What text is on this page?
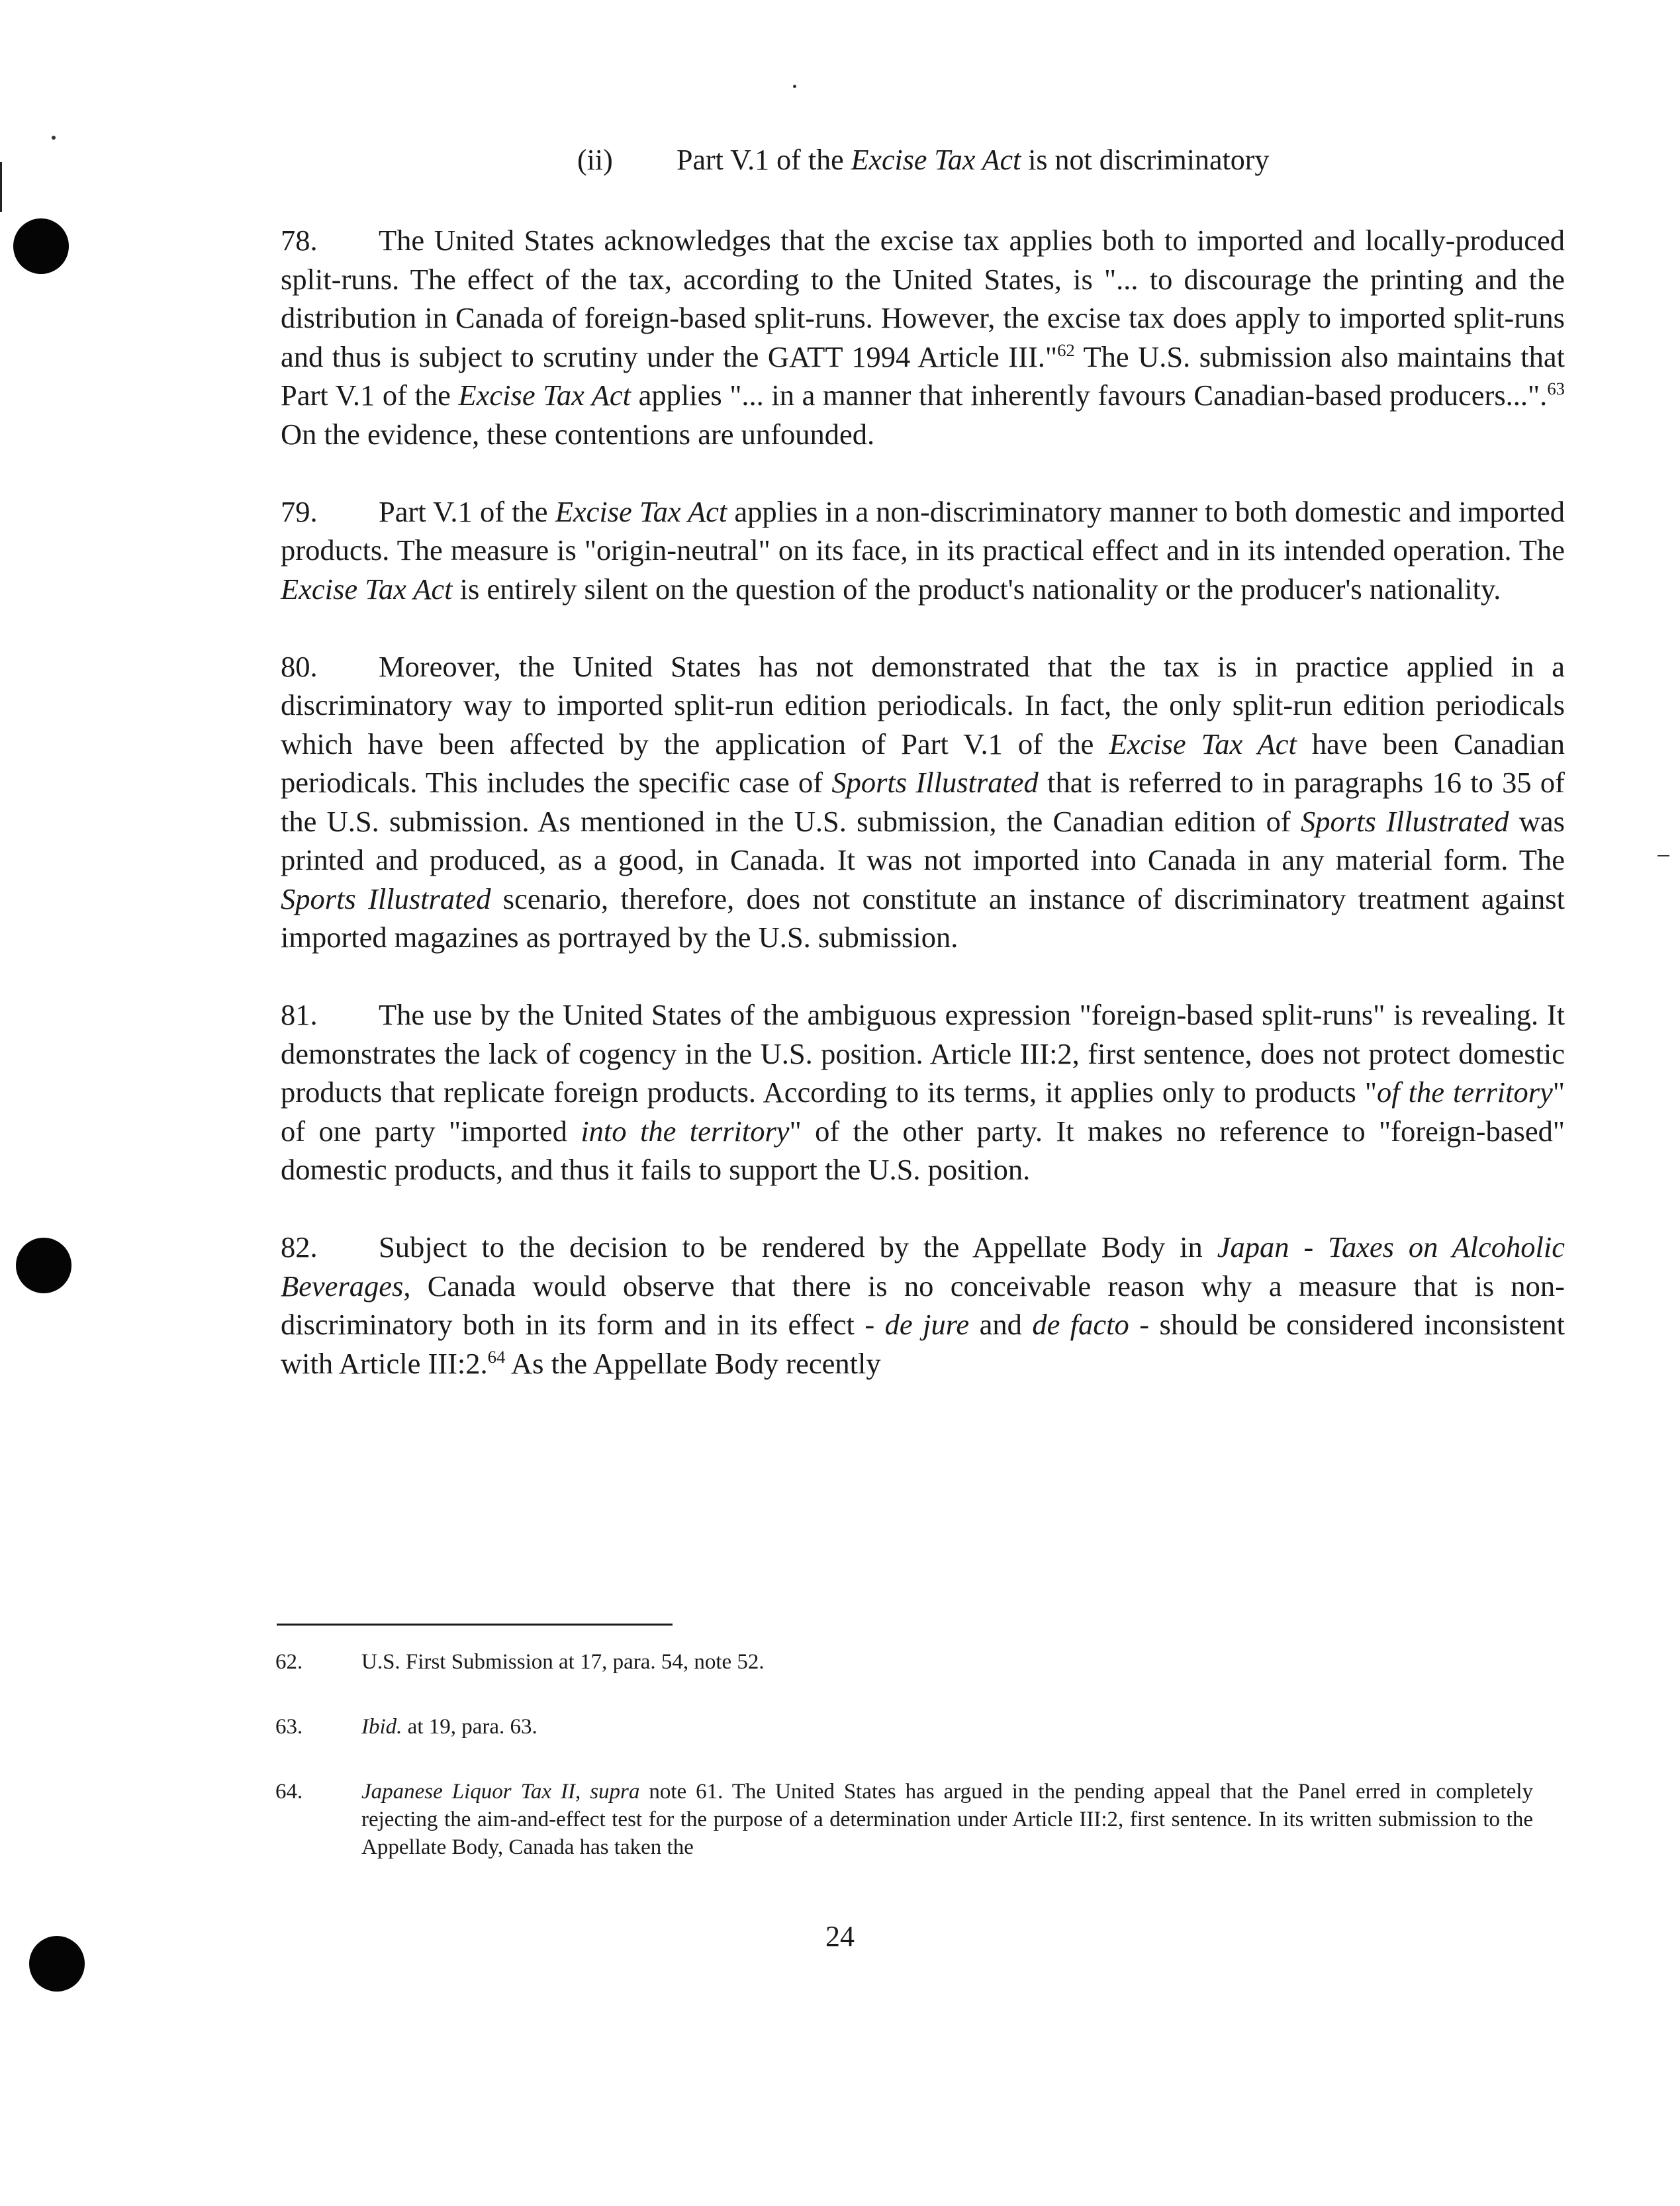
(ii) Part V.1 of the Excise Tax Act is not discriminatory

78. The United States acknowledges that the excise tax applies both to imported and locally-produced split-runs. The effect of the tax, according to the United States, is "... to discourage the printing and the distribution in Canada of foreign-based split-runs. However, the excise tax does apply to imported split-runs and thus is subject to scrutiny under the GATT 1994 Article III."$^{62}$ The U.S. submission also maintains that Part V.1 of the Excise Tax Act applies "... in a manner that inherently favours Canadian-based producers...".$^{63}$ On the evidence, these contentions are unfounded.

79. Part V.1 of the Excise Tax Act applies in a non-discriminatory manner to both domestic and imported products. The measure is "origin-neutral" on its face, in its practical effect and in its intended operation. The Excise Tax Act is entirely silent on the question of the product's nationality or the producer's nationality.

80. Moreover, the United States has not demonstrated that the tax is in practice applied in a discriminatory way to imported split-run edition periodicals. In fact, the only split-run edition periodicals which have been affected by the application of Part V.1 of the Excise Tax Act have been Canadian periodicals. This includes the specific case of Sports Illustrated that is referred to in paragraphs 16 to 35 of the U.S. submission. As mentioned in the U.S. submission, the Canadian edition of Sports Illustrated was printed and produced, as a good, in Canada. It was not imported into Canada in any material form. The Sports Illustrated scenario, therefore, does not constitute an instance of discriminatory treatment against imported magazines as portrayed by the U.S. submission.

81. The use by the United States of the ambiguous expression "foreign-based split-runs" is revealing. It demonstrates the lack of cogency in the U.S. position. Article III:2, first sentence, does not protect domestic products that replicate foreign products. According to its terms, it applies only to products "of the territory" of one party "imported into the territory" of the other party. It makes no reference to "foreign-based" domestic products, and thus it fails to support the U.S. position.

82. Subject to the decision to be rendered by the Appellate Body in Japan - Taxes on Alcoholic Beverages, Canada would observe that there is no conceivable reason why a measure that is non-discriminatory both in its form and in its effect - de jure and de facto - should be considered inconsistent with Article III:2.64 As the Appellate Body recently

62.	U.S. First Submission at 17, para. 54, note 52.
63.	Ibid. at 19, para. 63.
64.	Japanese Liquor Tax II, supra note 61. The United States has argued in the pending appeal that the Panel erred in completely rejecting the aim-and-effect test for the purpose of a determination under Article III:2, first sentence. In its written submission to the Appellate Body, Canada has taken the
24
